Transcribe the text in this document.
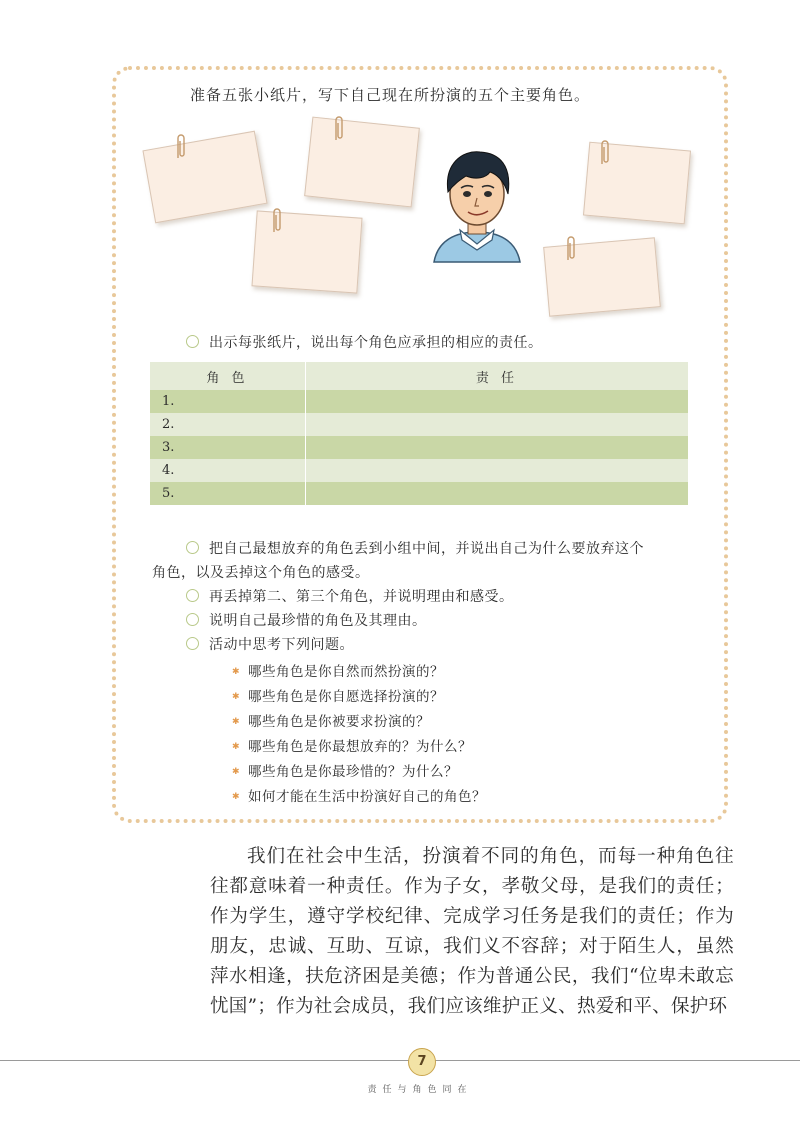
准备五张小纸片，写下自己现在所扮演的五个主要角色。
出示每张纸片，说出每个角色应承担的相应的责任。
角 色	责 任
1.	
2.	
3.	
4.	
5.	
把自己最想放弃的角色丢到小组中间，并说出自己为什么要放弃这个
角色，以及丢掉这个角色的感受。
再丢掉第二、第三个角色，并说明理由和感受。
说明自己最珍惜的角色及其理由。
活动中思考下列问题。
✱ 哪些角色是你自然而然扮演的？
✱ 哪些角色是你自愿选择扮演的？
✱ 哪些角色是你被要求扮演的？
✱ 哪些角色是你最想放弃的？为什么？
✱ 哪些角色是你最珍惜的？为什么？
✱ 如何才能在生活中扮演好自己的角色？
我们在社会中生活，扮演着不同的角色，而每一种角色往往都意味着一种责任。作为子女，孝敬父母，是我们的责任；作为学生，遵守学校纪律、完成学习任务是我们的责任；作为朋友，忠诚、互助、互谅，我们义不容辞；对于陌生人，虽然萍水相逢，扶危济困是美德；作为普通公民，我们“位卑未敢忘忧国”；作为社会成员，我们应该维护正义、热爱和平、保护环
7
责任与角色同在
